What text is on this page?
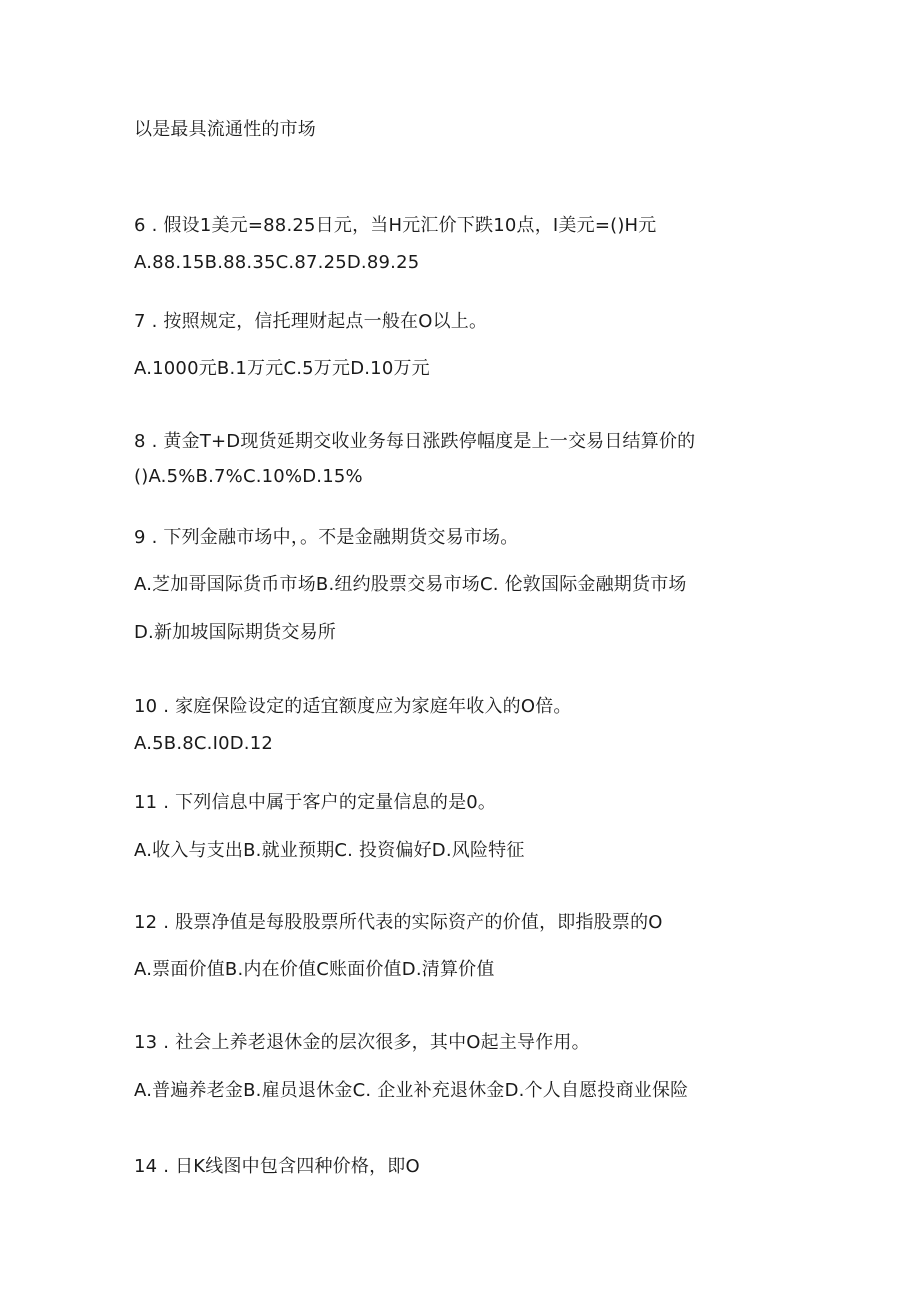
以是最具流通性的市场
6 . 假设1美元=88.25日元，当H元汇价下跌10点，I美元=()H元
A.88.15B.88.35C.87.25D.89.25
7 . 按照规定，信托理财起点一般在O以上。
A.1000元B.1万元C.5万元D.10万元
8 . 黄金T+D现货延期交收业务每日涨跌停幅度是上一交易日结算价的
()A.5%B.7%C.10%D.15%
9 . 下列金融市场中，。不是金融期货交易市场。
A.芝加哥国际货币市场B.纽约股票交易市场C. 伦敦国际金融期货市场
D.新加坡国际期货交易所
10 . 家庭保险设定的适宜额度应为家庭年收入的O倍。
A.5B.8C.I0D.12
11 . 下列信息中属于客户的定量信息的是0。
A.收入与支出B.就业预期C. 投资偏好D.风险特征
12 . 股票净值是每股股票所代表的实际资产的价值，即指股票的O
A.票面价值B.内在价值C账面价值D.清算价值
13 . 社会上养老退休金的层次很多，其中O起主导作用。
A.普遍养老金B.雇员退休金C. 企业补充退休金D.个人自愿投商业保险
14 . 日K线图中包含四种价格，即O
